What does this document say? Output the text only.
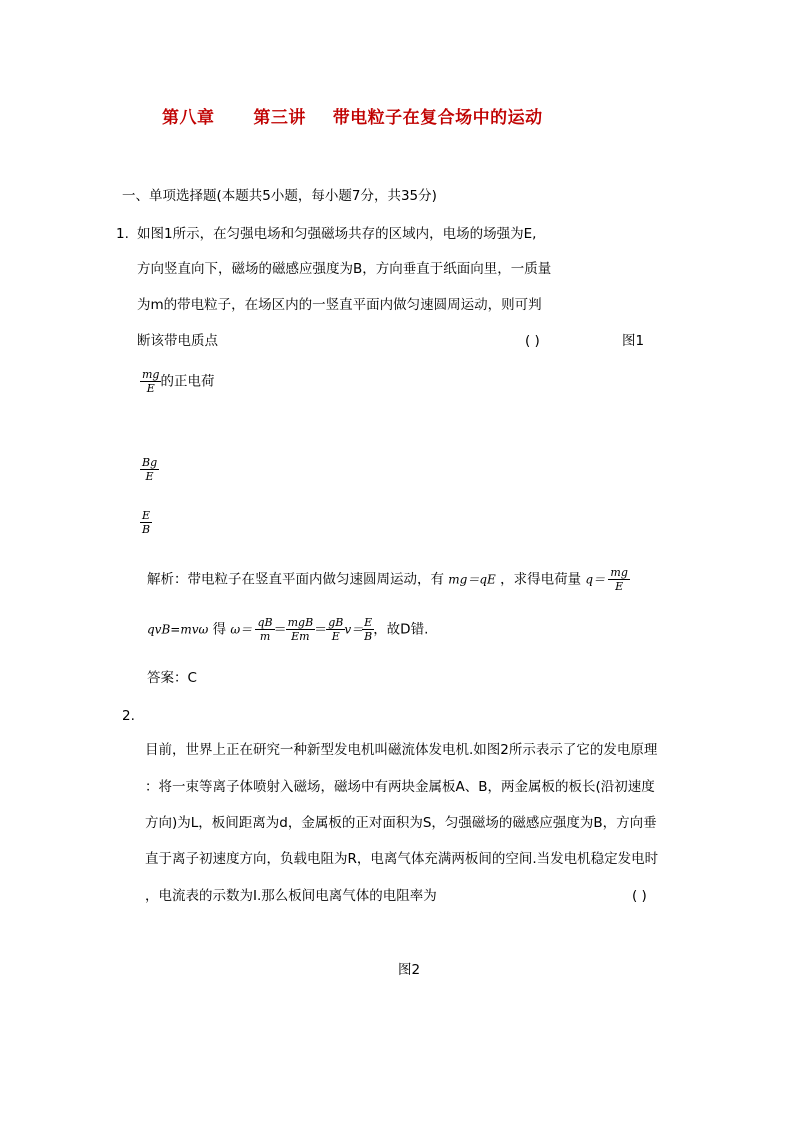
第八章 第三讲 带电粒子在复合场中的运动
一、单项选择题(本题共5小题，每小题7分，共35分)
1. 如图1所示，在匀强电场和匀强磁场共存的区域内，电场的场强为E,
方向竖直向下，磁场的磁感应强度为B，方向垂直于纸面向里，一质量
为m的带电粒子，在场区内的一竖直平面内做匀速圆周运动，则可判
断该带电质点	( )	图1
$\frac{mg}{E}$ 的正电荷
$\frac{Bg}{E}$
$\frac{E}{B}$
解析：带电粒子在竖直平面内做匀速圆周运动，有 mg＝qE ，求得电荷量 $q= \frac{mg}{E}$
qvB=mvω 得 $\omega= \frac{qB}{m} = \frac{\text{mgB}}{Em} = \frac{gB}{E} v= \frac{E}{B}$ ，故D错.
答案：C
2.
目前，世界上正在研究一种新型发电机叫磁流体发电机.如图2所示表示了它的发电原理
：将一束等离子体喷射入磁场，磁场中有两块金属板A、B，两金属板的板长(沿初速度
方向)为L，板间距离为d，金属板的正对面积为S，匀强磁场的磁感应强度为B，方向垂
直于离子初速度方向，负载电阻为R，电离气体充满两板间的空间.当发电机稳定发电时
，电流表的示数为I.那么板间电离气体的电阻率为	( )
图2
